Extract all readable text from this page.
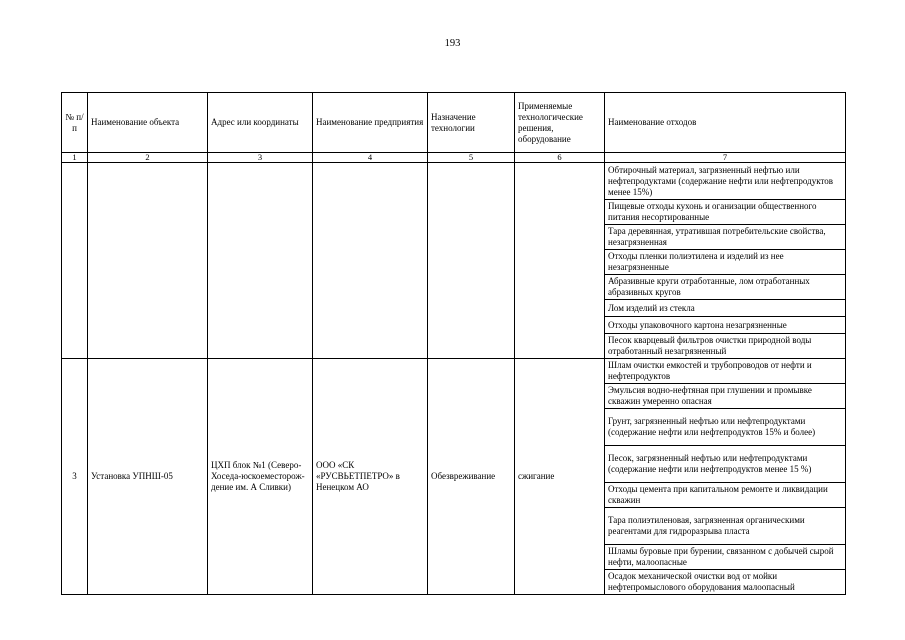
193
№ п/п	Наименование объекта	Адрес или координаты	Наименование предприятия	Назначение технологии	Применяемые технологические решения, оборудование	Наименование отходов
1	2	3	4	5	6	7
						Обтирочный материал, загрязненный нефтью или нефтепродуктами (содержание нефти или нефтепродуктов менее 15%)
						Пищевые отходы кухонь и оганизации общественного питания несортированные
						Тара деревянная, утратившая потребительские свойства, незагрязненная
						Отходы пленки полиэтилена и изделий из нее незагрязненные
						Абразивные круги отработанные, лом отработанных абразивных кругов
						Лом изделий из стекла
						Отходы упаковочного картона незагрязненные
						Песок кварцевый фильтров очистки природной воды отработанный незагрязненный
3	Установка УПНШ-05	ЦХП блок №1 (Северо-Хоседа-юскоеместорож-дение им. А Сливки)	ООО «СК «РУСВЬЕТПЕТРО» в Ненецком АО	Обезвреживание	сжигание	Шлам очистки емкостей и трубопроводов от нефти и нефтепродуктов
						Эмульсия водно-нефтяная при глушении и промывке скважин умеренно опасная
						Грунт, загрязненный нефтью или нефтепродуктами (содержание нефти или нефтепродуктов 15% и более)
						Песок, загрязненный нефтью или нефтепродуктами (содержание нефти или нефтепродуктов менее 15 %)
						Отходы цемента при капитальном ремонте и ликвидации скважин
						Тара полиэтиленовая, загрязненная органическими реагентами для гидроразрыва пласта
						Шламы буровые при бурении, связанном с добычей сырой нефти, малоопасные
						Осадок механической очистки вод от мойки нефтепромыслового оборудования малоопасный
